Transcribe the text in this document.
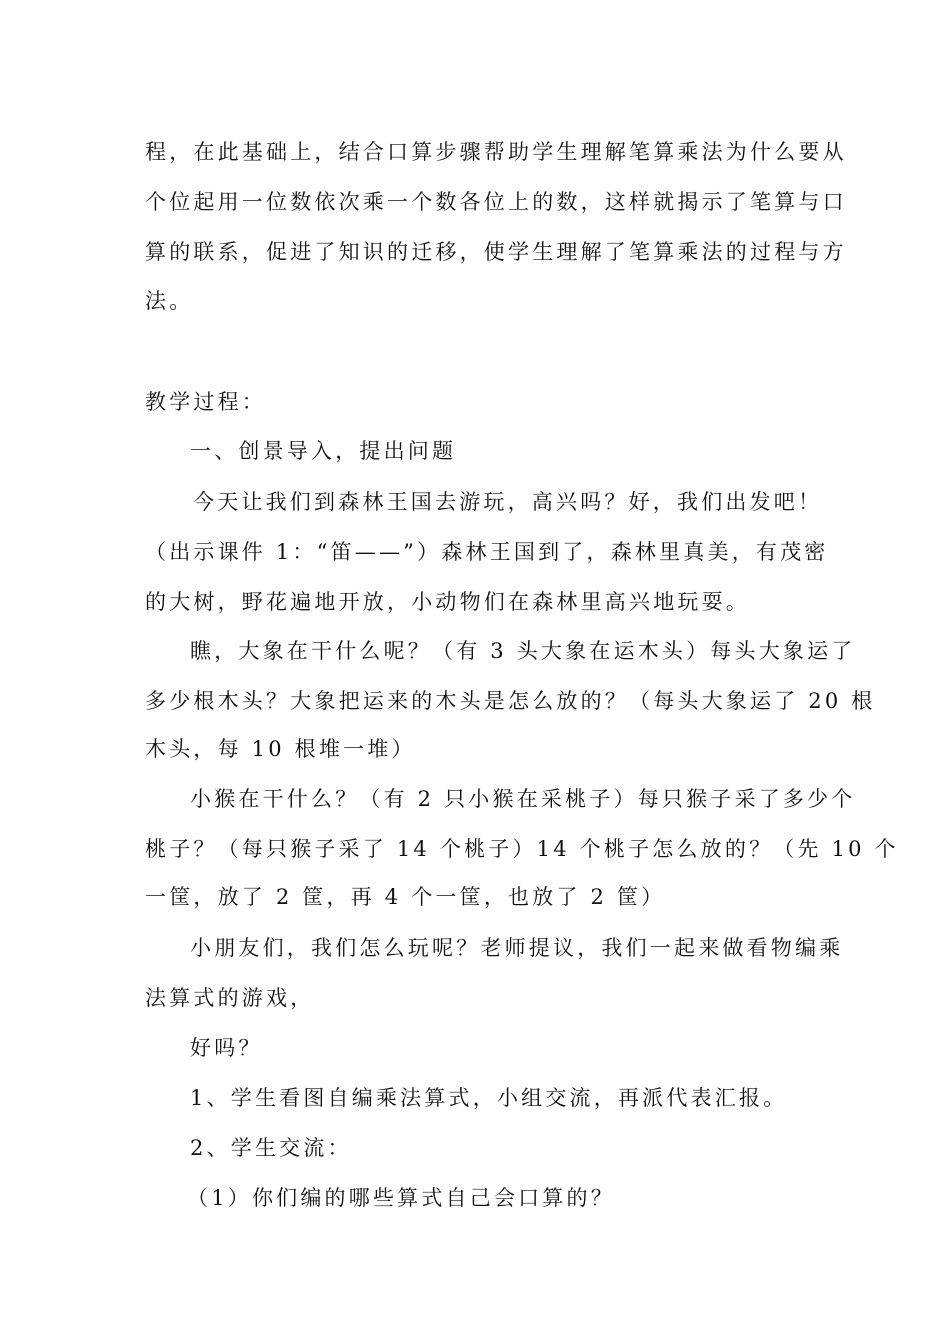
程，在此基础上，结合口算步骤帮助学生理解笔算乘法为什么要从
个位起用一位数依次乘一个数各位上的数，这样就揭示了笔算与口
算的联系，促进了知识的迁移，使学生理解了笔算乘法的过程与方
法。
教学过程：
一、创景导入，提出问题
今天让我们到森林王国去游玩，高兴吗？好，我们出发吧！
（出示课件 1：“笛——”）森林王国到了，森林里真美，有茂密
的大树，野花遍地开放，小动物们在森林里高兴地玩耍。
瞧，大象在干什么呢？（有 3 头大象在运木头）每头大象运了
多少根木头？大象把运来的木头是怎么放的？（每头大象运了 20 根
木头，每 10 根堆一堆）
小猴在干什么？（有 2 只小猴在采桃子）每只猴子采了多少个
桃子？（每只猴子采了 14 个桃子）14 个桃子怎么放的？（先 10 个
一筐，放了 2 筐，再 4 个一筐，也放了 2 筐）
小朋友们，我们怎么玩呢？老师提议，我们一起来做看物编乘
法算式的游戏，
好吗？
1、学生看图自编乘法算式，小组交流，再派代表汇报。
2、学生交流：
（1）你们编的哪些算式自己会口算的？
